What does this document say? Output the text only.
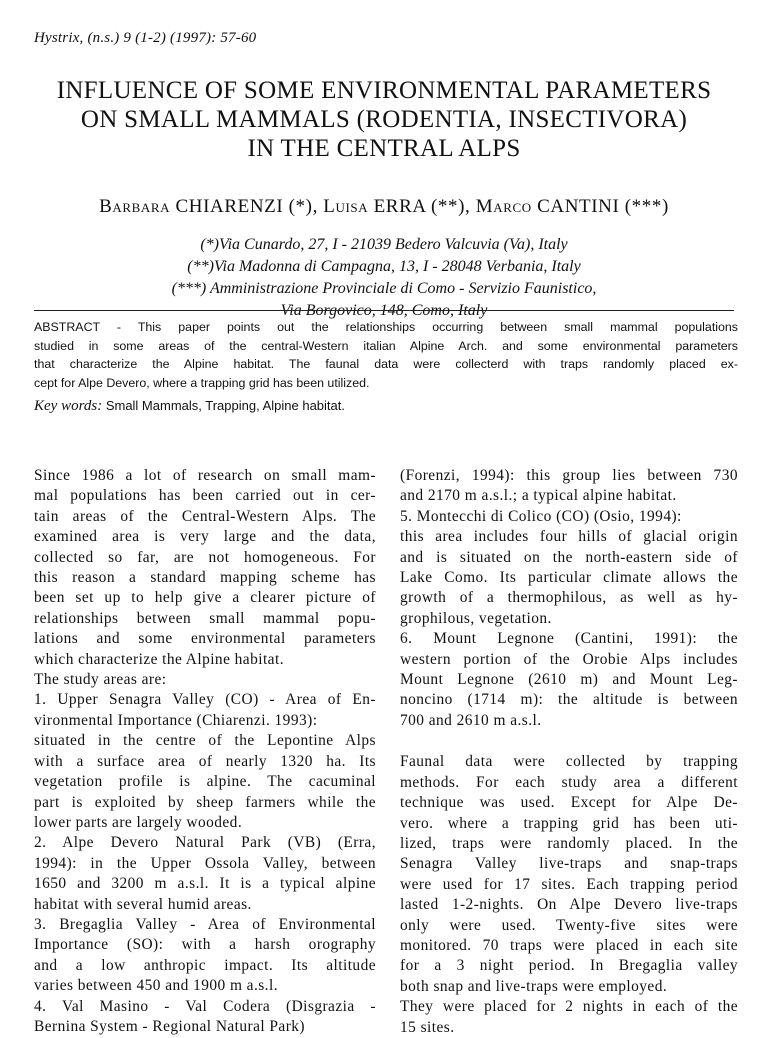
Hystrix, (n.s.) 9 (1-2) (1997): 57-60
INFLUENCE OF SOME ENVIRONMENTAL PARAMETERS
ON SMALL MAMMALS (RODENTIA, INSECTIVORA)
IN THE CENTRAL ALPS
Barbara CHIARENZI (*), Luisa ERRA (**), Marco CANTINI (***)
(*)Via Cunardo, 27, I - 21039 Bedero Valcuvia (Va), Italy
(**)Via Madonna di Campagna, 13, I - 28048 Verbania, Italy
(***) Amministrazione Provinciale di Como - Servizio Faunistico,
Via Borgovico, 148, Como, Italy
ABSTRACT - This paper points out the relationships occurring between small mammal populations
studied in some areas of the central-Western italian Alpine Arch. and some environmental parameters
that characterize the Alpine habitat. The faunal data were collecterd with traps randomly placed ex-
cept for Alpe Devero, where a trapping grid has been utilized.
Key words: Small Mammals, Trapping, Alpine habitat.

Since 1986 a lot of research on small mam-
mal populations has been carried out in cer-
tain areas of the Central-Western Alps. The
examined area is very large and the data,
collected so far, are not homogeneous. For
this reason a standard mapping scheme has
been set up to help give a clearer picture of
relationships between small mammal popu-
lations and some environmental parameters
which characterize the Alpine habitat.
The study areas are:
1. Upper Senagra Valley (CO) - Area of En-
vironmental Importance (Chiarenzi. 1993):
situated in the centre of the Lepontine Alps
with a surface area of nearly 1320 ha. Its
vegetation profile is alpine. The cacuminal
part is exploited by sheep farmers while the
lower parts are largely wooded.
2. Alpe Devero Natural Park (VB) (Erra,
1994): in the Upper Ossola Valley, between
1650 and 3200 m a.s.l. It is a typical alpine
habitat with several humid areas.
3. Bregaglia Valley - Area of Environmental
Importance (SO): with a harsh orography
and a low anthropic impact. Its altitude
varies between 450 and 1900 m a.s.l.
4. Val Masino - Val Codera (Disgrazia -
Bernina System - Regional Natural Park)

(Forenzi, 1994): this group lies between 730
and 2170 m a.s.l.; a typical alpine habitat.
5. Montecchi di Colico (CO) (Osio, 1994):
this area includes four hills of glacial origin
and is situated on the north-eastern side of
Lake Como. Its particular climate allows the
growth of a thermophilous, as well as hy-
grophilous, vegetation.
6. Mount Legnone (Cantini, 1991): the
western portion of the Orobie Alps includes
Mount Legnone (2610 m) and Mount Leg-
noncino (1714 m): the altitude is between
700 and 2610 m a.s.l.

Faunal data were collected by trapping
methods. For each study area a different
technique was used. Except for Alpe De-
vero. where a trapping grid has been uti-
lized, traps were randomly placed. In the
Senagra Valley live-traps and snap-traps
were used for 17 sites. Each trapping period
lasted 1-2-nights. On Alpe Devero live-traps
only were used. Twenty-five sites were
monitored. 70 traps were placed in each site
for a 3 night period. In Bregaglia valley
both snap and live-traps were employed.
They were placed for 2 nights in each of the
15 sites.
